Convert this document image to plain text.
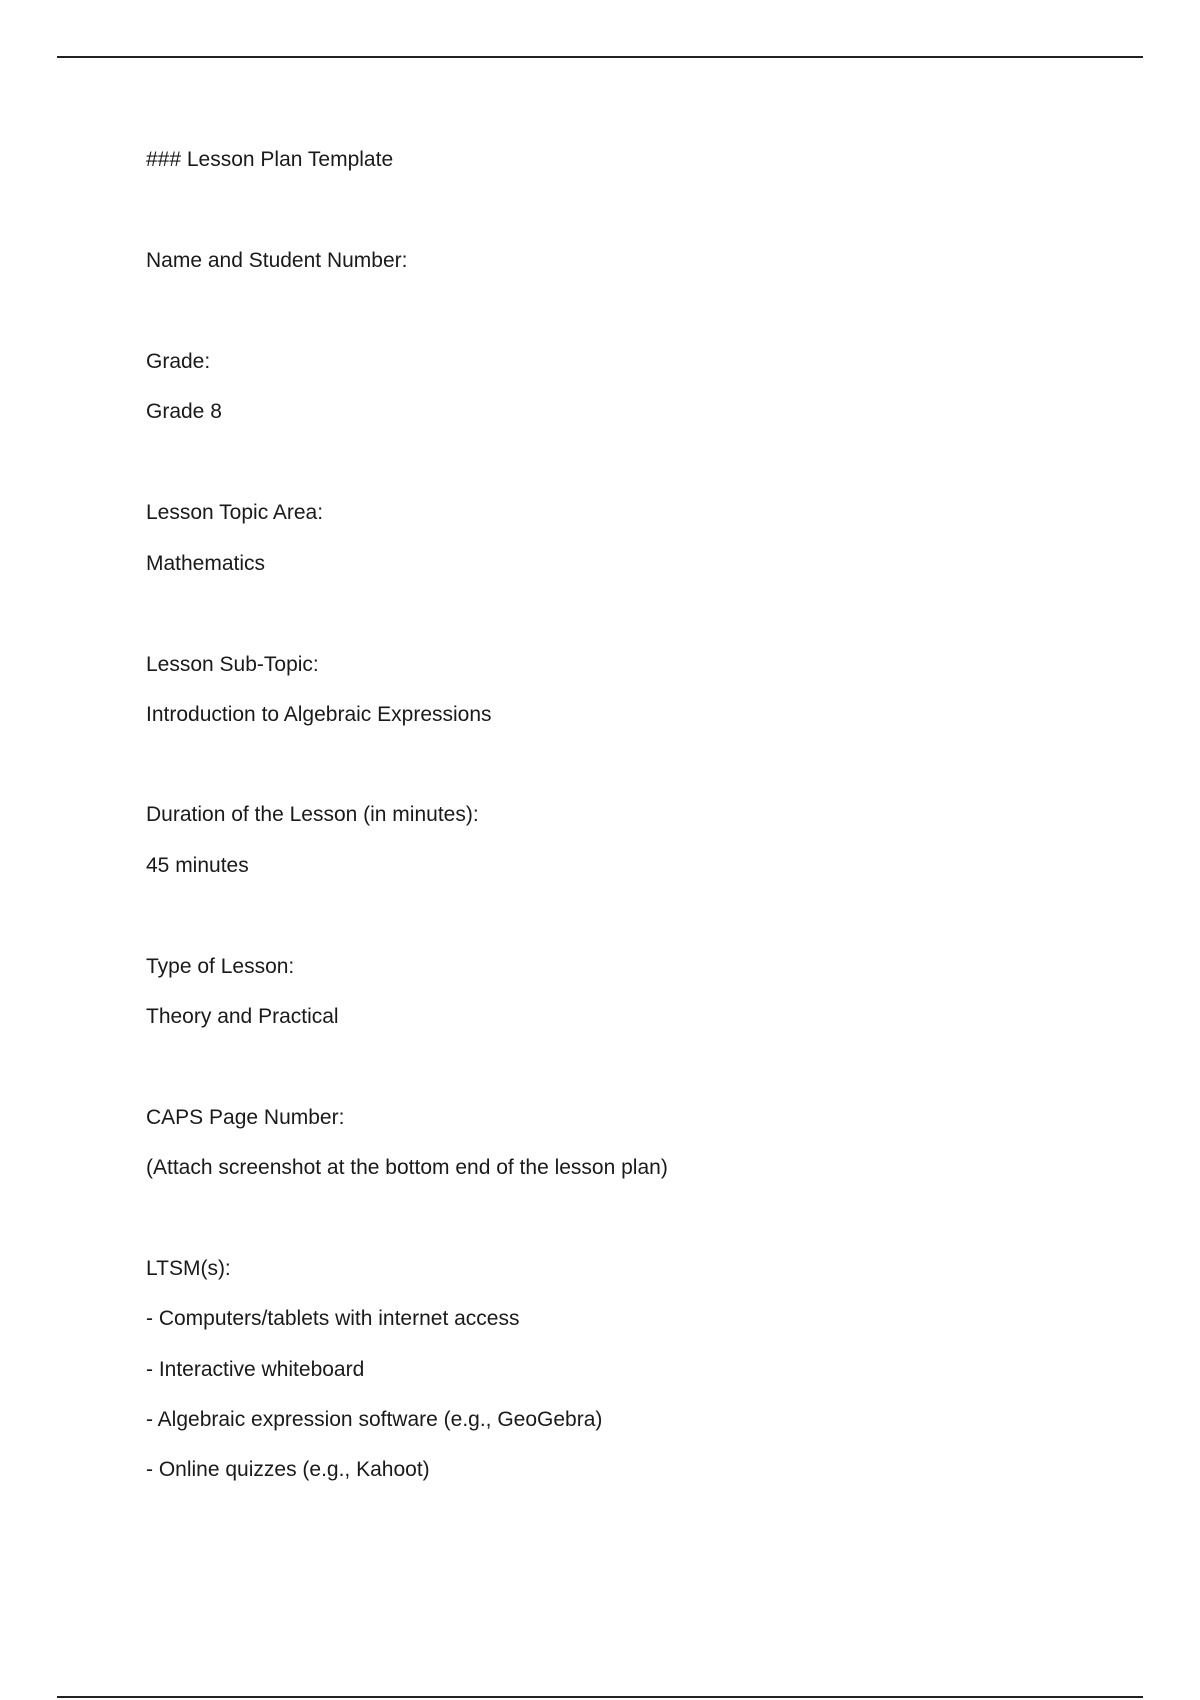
### Lesson Plan Template
Name and Student Number:
Grade:
Grade 8
Lesson Topic Area:
Mathematics
Lesson Sub-Topic:
Introduction to Algebraic Expressions
Duration of the Lesson (in minutes):
45 minutes
Type of Lesson:
Theory and Practical
CAPS Page Number:
(Attach screenshot at the bottom end of the lesson plan)
LTSM(s):
- Computers/tablets with internet access
- Interactive whiteboard
- Algebraic expression software (e.g., GeoGebra)
- Online quizzes (e.g., Kahoot)
